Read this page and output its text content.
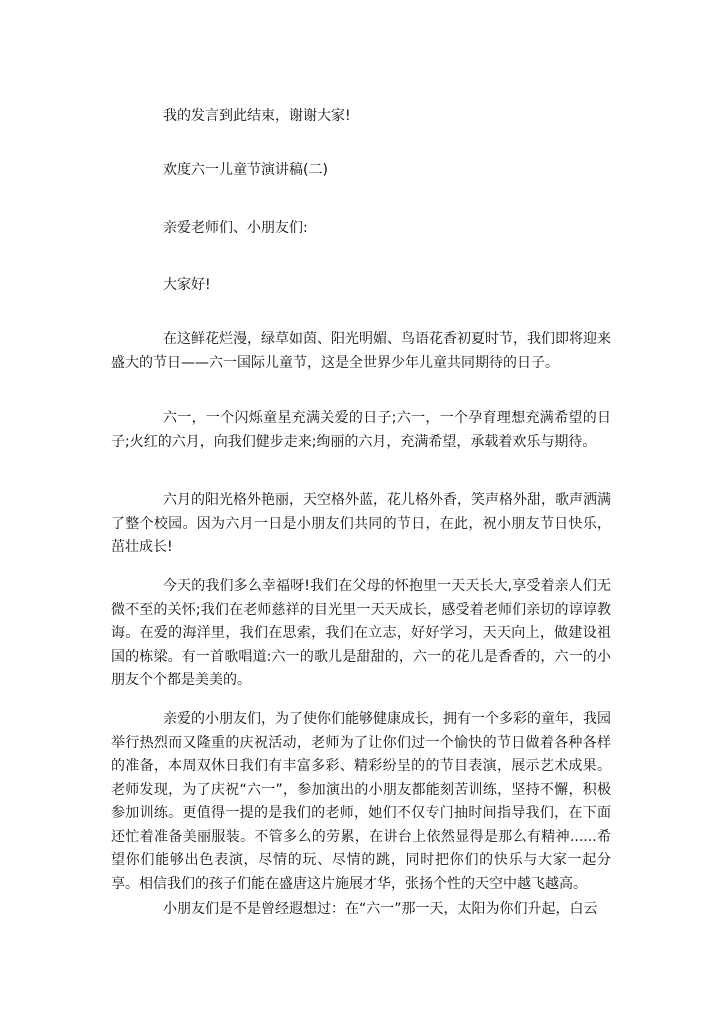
我的发言到此结束，谢谢大家!

欢度六一儿童节演讲稿(二)

亲爱老师们、小朋友们:

大家好!

在这鲜花烂漫，绿草如茵、阳光明媚、鸟语花香初夏时节，我们即将迎来盛大的节日——六一国际儿童节，这是全世界少年儿童共同期待的日子。

六一，一个闪烁童星充满关爱的日子;六一，一个孕育理想充满希望的日子;火红的六月，向我们健步走来;绚丽的六月，充满希望，承载着欢乐与期待。

六月的阳光格外艳丽，天空格外蓝，花儿格外香，笑声格外甜，歌声洒满了整个校园。因为六月一日是小朋友们共同的节日，在此，祝小朋友节日快乐，茁壮成长!

今天的我们多么幸福呀!我们在父母的怀抱里一天天长大,享受着亲人们无微不至的关怀;我们在老师慈祥的目光里一天天成长，感受着老师们亲切的谆谆教诲。在爱的海洋里，我们在思索，我们在立志，好好学习，天天向上，做建设祖国的栋梁。有一首歌唱道:六一的歌儿是甜甜的，六一的花儿是香香的，六一的小朋友个个都是美美的。

亲爱的小朋友们，为了使你们能够健康成长，拥有一个多彩的童年，我园举行热烈而又隆重的庆祝活动，老师为了让你们过一个愉快的节日做着各种各样的准备，本周双休日我们有丰富多彩、精彩纷呈的的节目表演，展示艺术成果。老师发现，为了庆祝“六一”，参加演出的小朋友都能刻苦训练，坚持不懈，积极参加训练。更值得一提的是我们的老师，她们不仅专门抽时间指导我们，在下面还忙着准备美丽服装。不管多么的劳累，在讲台上依然显得是那么有精神......希望你们能够出色表演，尽情的玩、尽情的跳，同时把你们的快乐与大家一起分享。相信我们的孩子们能在盛唐这片施展才华，张扬个性的天空中越飞越高。

小朋友们是不是曾经遐想过：在“六一”那一天，太阳为你们升起，白云
